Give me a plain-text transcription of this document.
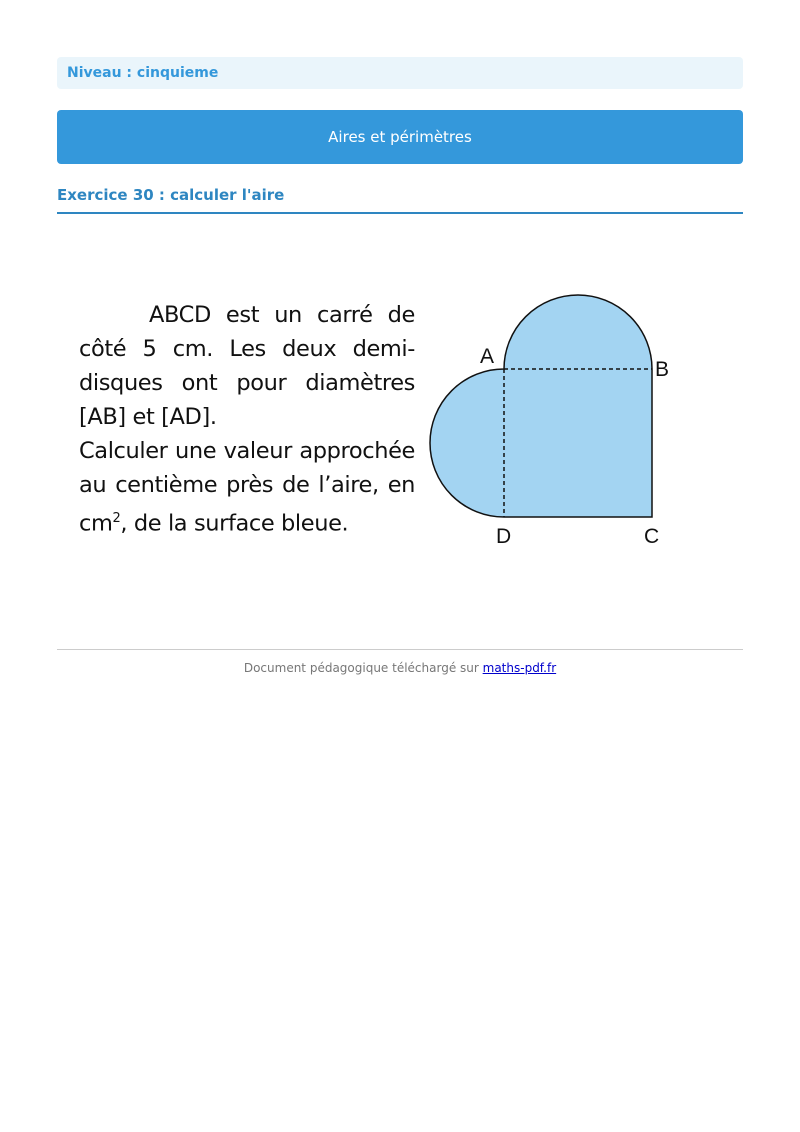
Niveau : cinquieme
Aires et périmètres
Exercice 30 : calculer l'aire
ABCD est un carré de côté 5 cm. Les deux demi-disques ont pour diamètres [AB] et [AD].
Calculer une valeur approchée au centième près de l’aire, en $cm^2$, de la surface bleue.
A
B
C
D
Document pédagogique téléchargé sur maths-pdf.fr
